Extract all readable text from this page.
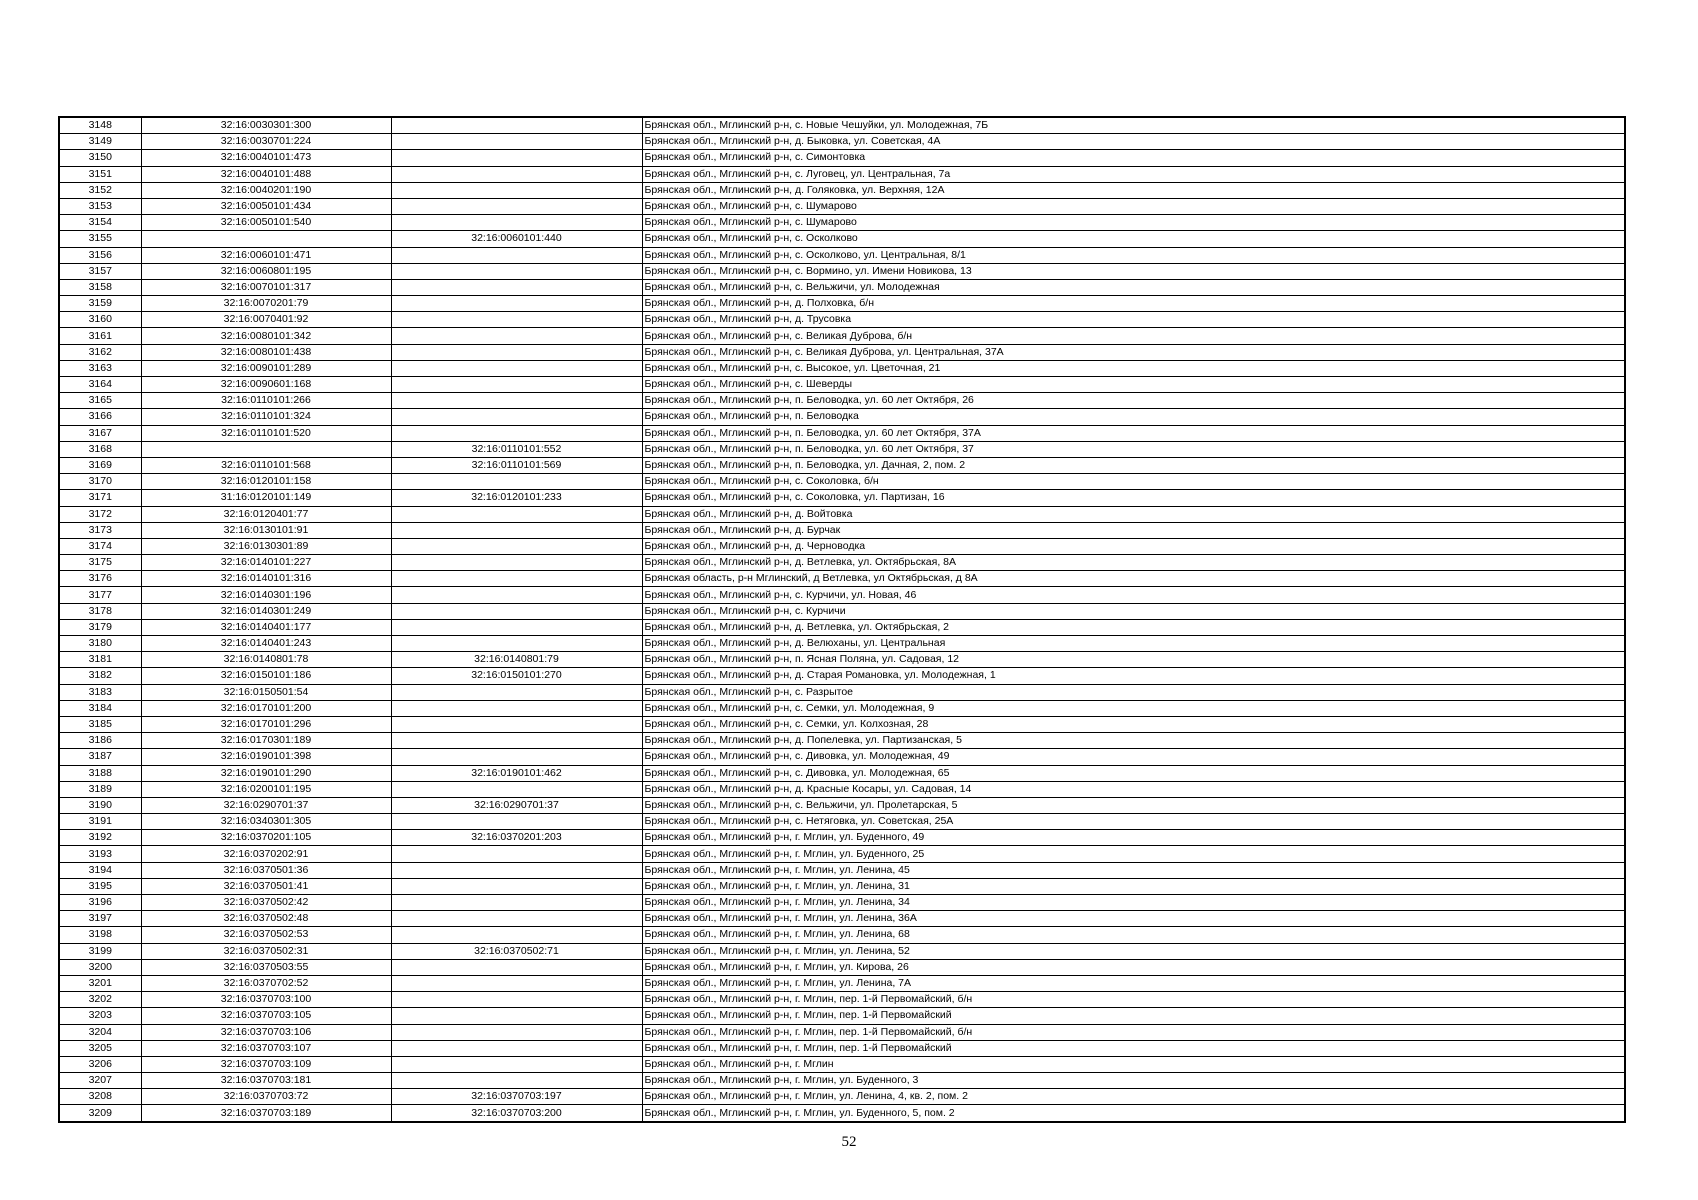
3148	32:16:0030301:300		Брянская обл., Мглинский р-н, с. Новые Чешуйки, ул. Молодежная, 7Б
3149	32:16:0030701:224		Брянская обл., Мглинский р-н, д. Быковка, ул. Советская, 4А
3150	32:16:0040101:473		Брянская обл., Мглинский р-н, с. Симонтовка
3151	32:16:0040101:488		Брянская обл., Мглинский р-н, с. Луговец, ул. Центральная, 7а
3152	32:16:0040201:190		Брянская обл., Мглинский р-н, д. Голяковка, ул. Верхняя, 12А
3153	32:16:0050101:434		Брянская обл., Мглинский р-н, с. Шумарово
3154	32:16:0050101:540		Брянская обл., Мглинский р-н, с. Шумарово
3155		32:16:0060101:440	Брянская обл., Мглинский р-н, с. Осколково
3156	32:16:0060101:471		Брянская обл., Мглинский р-н, с. Осколково, ул. Центральная, 8/1
3157	32:16:0060801:195		Брянская обл., Мглинский р-н, с. Вормино, ул. Имени Новикова, 13
3158	32:16:0070101:317		Брянская обл., Мглинский р-н, с. Вельжичи, ул. Молодежная
3159	32:16:0070201:79		Брянская обл., Мглинский р-н, д. Полховка, б/н
3160	32:16:0070401:92		Брянская обл., Мглинский р-н, д. Трусовка
3161	32:16:0080101:342		Брянская обл., Мглинский р-н, с. Великая Дуброва, б/н
3162	32:16:0080101:438		Брянская обл., Мглинский р-н, с. Великая Дуброва, ул. Центральная, 37А
3163	32:16:0090101:289		Брянская обл., Мглинский р-н, с. Высокое, ул. Цветочная, 21
3164	32:16:0090601:168		Брянская обл., Мглинский р-н, с. Шеверды
3165	32:16:0110101:266		Брянская обл., Мглинский р-н, п. Беловодка, ул. 60 лет Октября, 26
3166	32:16:0110101:324		Брянская обл., Мглинский р-н, п. Беловодка
3167	32:16:0110101:520		Брянская обл., Мглинский р-н, п. Беловодка, ул. 60 лет Октября, 37А
3168		32:16:0110101:552	Брянская обл., Мглинский р-н, п. Беловодка, ул. 60 лет Октября, 37
3169	32:16:0110101:568	32:16:0110101:569	Брянская обл., Мглинский р-н, п. Беловодка, ул. Дачная, 2, пом. 2
3170	32:16:0120101:158		Брянская обл., Мглинский р-н, с. Соколовка, б/н
3171	31:16:0120101:149	32:16:0120101:233	Брянская обл., Мглинский р-н, с. Соколовка, ул. Партизан, 16
3172	32:16:0120401:77		Брянская обл., Мглинский р-н, д. Войтовка
3173	32:16:0130101:91		Брянская обл., Мглинский р-н, д. Бурчак
3174	32:16:0130301:89		Брянская обл., Мглинский р-н, д. Черноводка
3175	32:16:0140101:227		Брянская обл., Мглинский р-н, д. Ветлевка, ул. Октябрьская, 8А
3176	32:16:0140101:316		Брянская область, р-н Мглинский, д Ветлевка, ул Октябрьская, д 8А
3177	32:16:0140301:196		Брянская обл., Мглинский р-н, с. Курчичи, ул. Новая, 46
3178	32:16:0140301:249		Брянская обл., Мглинский р-н, с. Курчичи
3179	32:16:0140401:177		Брянская обл., Мглинский р-н, д. Ветлевка, ул. Октябрьская, 2
3180	32:16:0140401:243		Брянская обл., Мглинский р-н, д. Велюханы, ул. Центральная
3181	32:16:0140801:78	32:16:0140801:79	Брянская обл., Мглинский р-н, п. Ясная Поляна, ул. Садовая, 12
3182	32:16:0150101:186	32:16:0150101:270	Брянская обл., Мглинский р-н, д. Старая Романовка, ул. Молодежная, 1
3183	32:16:0150501:54		Брянская обл., Мглинский р-н, с. Разрытое
3184	32:16:0170101:200		Брянская обл., Мглинский р-н, с. Семки, ул. Молодежная, 9
3185	32:16:0170101:296		Брянская обл., Мглинский р-н, с. Семки, ул. Колхозная, 28
3186	32:16:0170301:189		Брянская обл., Мглинский р-н, д. Попелевка, ул. Партизанская, 5
3187	32:16:0190101:398		Брянская обл., Мглинский р-н, с. Дивовка, ул. Молодежная, 49
3188	32:16:0190101:290	32:16:0190101:462	Брянская обл., Мглинский р-н, с. Дивовка, ул. Молодежная, 65
3189	32:16:0200101:195		Брянская обл., Мглинский р-н, д. Красные Косары, ул. Садовая, 14
3190	32:16:0290701:37	32:16:0290701:37	Брянская обл., Мглинский р-н, с. Вельжичи, ул. Пролетарская, 5
3191	32:16:0340301:305		Брянская обл., Мглинский р-н, с. Нетяговка, ул. Советская, 25А
3192	32:16:0370201:105	32:16:0370201:203	Брянская обл., Мглинский р-н, г. Мглин, ул. Буденного, 49
3193	32:16:0370202:91		Брянская обл., Мглинский р-н, г. Мглин, ул. Буденного, 25
3194	32:16:0370501:36		Брянская обл., Мглинский р-н, г. Мглин, ул. Ленина, 45
3195	32:16:0370501:41		Брянская обл., Мглинский р-н, г. Мглин, ул. Ленина, 31
3196	32:16:0370502:42		Брянская обл., Мглинский р-н, г. Мглин, ул. Ленина, 34
3197	32:16:0370502:48		Брянская обл., Мглинский р-н, г. Мглин, ул. Ленина, 36А
3198	32:16:0370502:53		Брянская обл., Мглинский р-н, г. Мглин, ул. Ленина, 68
3199	32:16:0370502:31	32:16:0370502:71	Брянская обл., Мглинский р-н, г. Мглин, ул. Ленина, 52
3200	32:16:0370503:55		Брянская обл., Мглинский р-н, г. Мглин, ул. Кирова, 26
3201	32:16:0370702:52		Брянская обл., Мглинский р-н, г. Мглин, ул. Ленина, 7А
3202	32:16:0370703:100		Брянская обл., Мглинский р-н, г. Мглин, пер. 1-й Первомайский, б/н
3203	32:16:0370703:105		Брянская обл., Мглинский р-н, г. Мглин, пер. 1-й Первомайский
3204	32:16:0370703:106		Брянская обл., Мглинский р-н, г. Мглин, пер. 1-й Первомайский, б/н
3205	32:16:0370703:107		Брянская обл., Мглинский р-н, г. Мглин, пер. 1-й Первомайский
3206	32:16:0370703:109		Брянская обл., Мглинский р-н, г. Мглин
3207	32:16:0370703:181		Брянская обл., Мглинский р-н, г. Мглин, ул. Буденного, 3
3208	32:16:0370703:72	32:16:0370703:197	Брянская обл., Мглинский р-н, г. Мглин, ул. Ленина, 4, кв. 2, пом. 2
3209	32:16:0370703:189	32:16:0370703:200	Брянская обл., Мглинский р-н, г. Мглин, ул. Буденного, 5, пом. 2
52
